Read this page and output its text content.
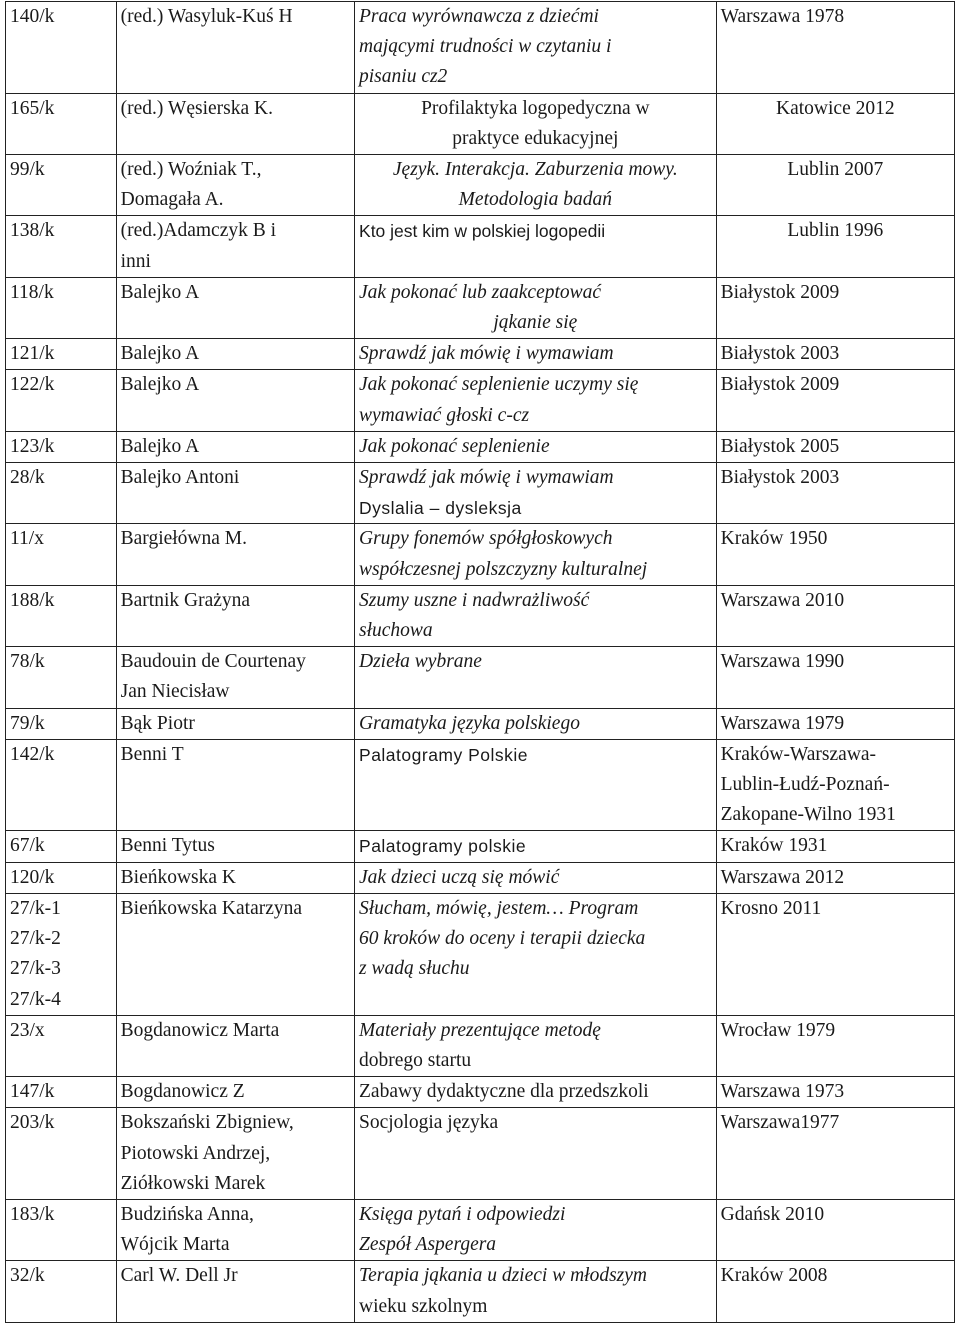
140/k	(red.) Wasyluk-Kuś H	Praca wyrównawcza z dziećmi
mającymi trudności w czytaniu i
pisaniu cz2	Warszawa 1978

165/k	(red.) Węsierska K.	Profilaktyka logopedyczna w
praktyce edukacyjnej	Katowice 2012

99/k	(red.) Woźniak T.,
Domagała A.	Język. Interakcja. Zaburzenia mowy.
Metodologia badań	Lublin 2007

138/k	(red.)Adamczyk B i
inni	Kto jest kim w polskiej logopedii	Lublin 1996

118/k	Balejko A	Jak pokonać lub zaakceptować
jąkanie się	Białystok 2009

121/k	Balejko A	Sprawdź jak mówię i wymawiam	Białystok 2003

122/k	Balejko A	Jak pokonać seplenienie uczymy się
wymawiać głoski c-cz	Białystok 2009

123/k	Balejko A	Jak pokonać seplenienie	Białystok 2005

28/k	Balejko Antoni	Sprawdź jak mówię i wymawiam
Dyslalia – dysleksja	Białystok 2003

11/x	Bargiełówna M.	Grupy fonemów spółgłoskowych
współczesnej polszczyzny kulturalnej	Kraków 1950

188/k	Bartnik Grażyna	Szumy uszne i nadwrażliwość
słuchowa	Warszawa 2010

78/k	Baudouin de Courtenay
Jan Niecisław	Dzieła wybrane	Warszawa 1990

79/k	Bąk Piotr	Gramatyka języka polskiego	Warszawa 1979

142/k	Benni T	Palatogramy Polskie	Kraków-Warszawa-
Lublin-Łudź-Poznań-
Zakopane-Wilno 1931

67/k	Benni Tytus	Palatogramy polskie	Kraków 1931

120/k	Bieńkowska K	Jak dzieci uczą się mówić	Warszawa 2012

27/k-1
27/k-2
27/k-3
27/k-4	Bieńkowska Katarzyna	Słucham, mówię, jestem… Program
60 kroków do oceny i terapii dziecka
z wadą słuchu	Krosno 2011

23/x	Bogdanowicz Marta	Materiały prezentujące metodę
dobrego startu	Wrocław 1979

147/k	Bogdanowicz Z	Zabawy dydaktyczne dla przedszkoli	Warszawa 1973

203/k	Bokszański Zbigniew,
Piotowski Andrzej,
Ziółkowski Marek	Socjologia języka	Warszawa1977

183/k	Budzińska Anna,
Wójcik Marta	Księga pytań i odpowiedzi
Zespół Aspergera	Gdańsk 2010

32/k	Carl W. Dell Jr	Terapia jąkania u dzieci w młodszym
wieku szkolnym	Kraków 2008
